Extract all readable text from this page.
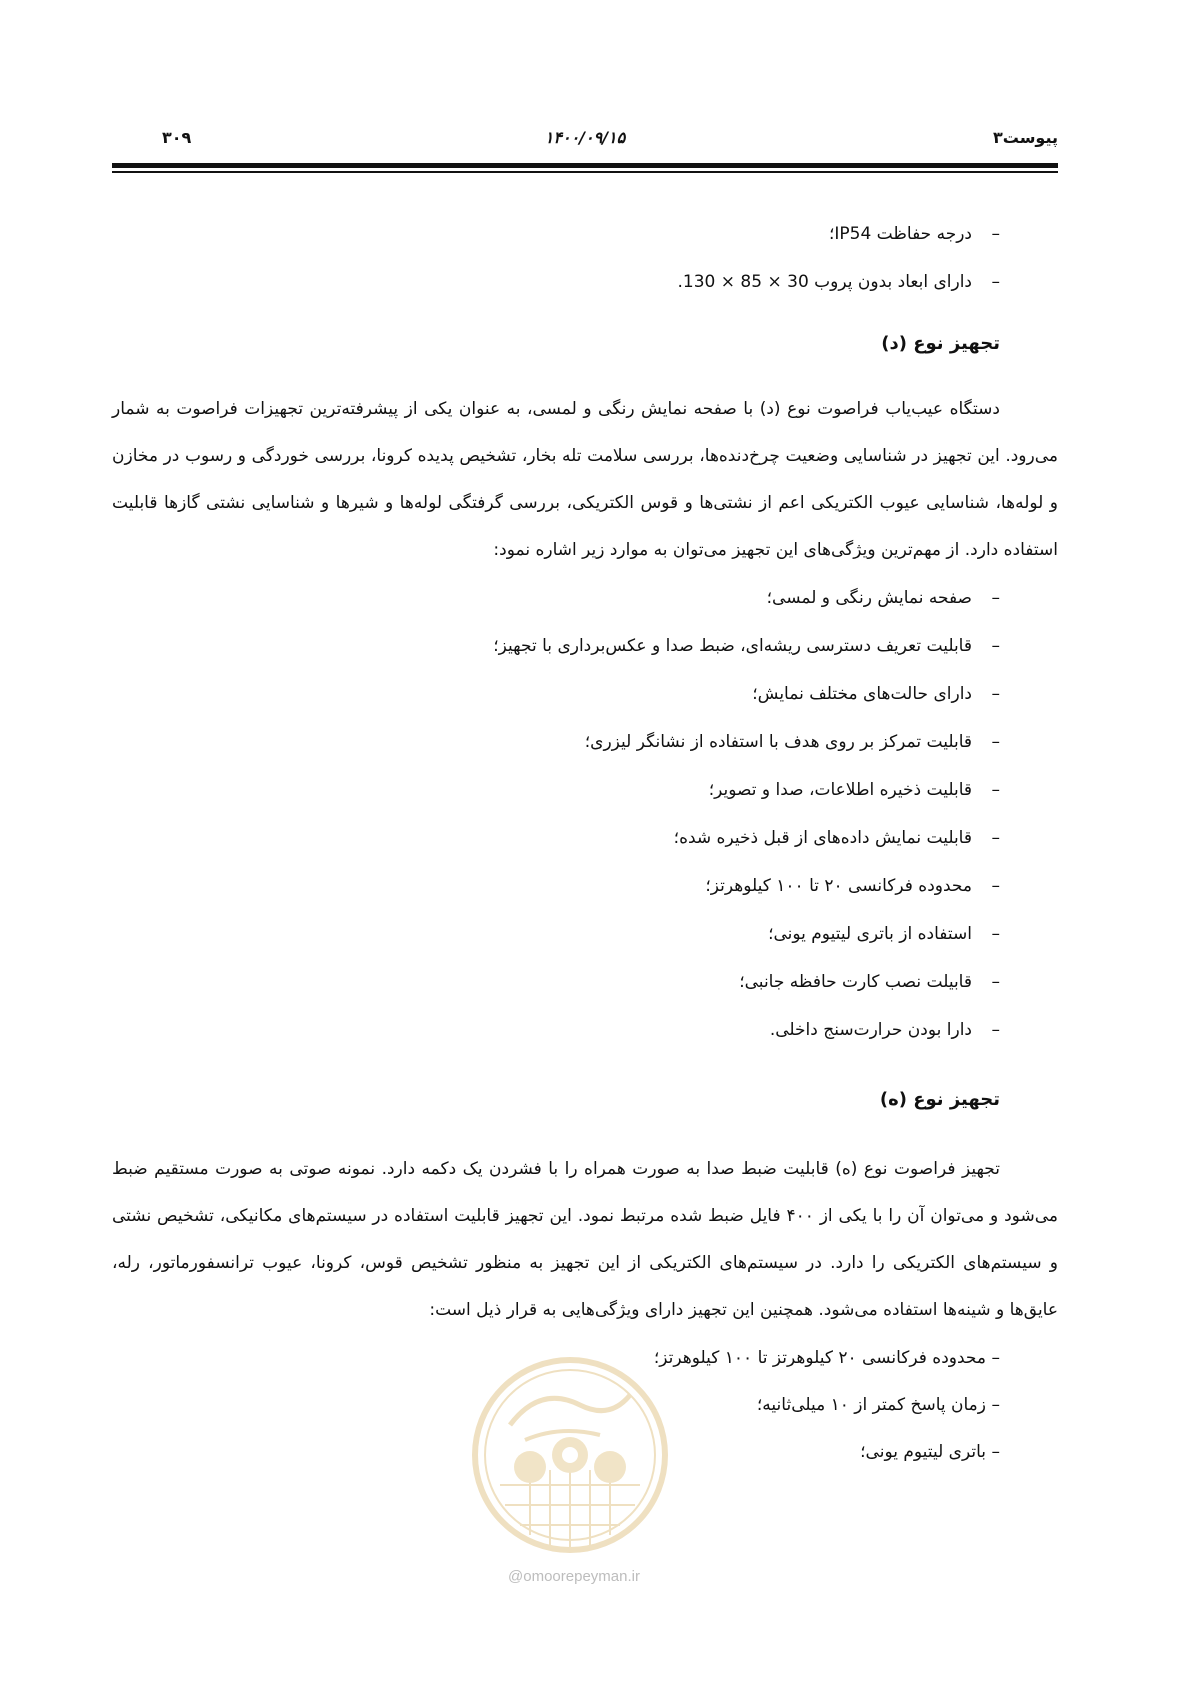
پیوست۳
۱۴۰۰/۰۹/۱۵
۳۰۹
– درجه حفاظت IP54؛
– دارای ابعاد بدون پروب 30 × 85 × 130.
تجهیز نوع (د)

دستگاه عیب‌یاب فراصوت نوع (د) با صفحه نمایش رنگی و لمسی، به عنوان یکی از پیشرفته‌ترین تجهیزات فراصوت به شمار می‌رود. این تجهیز در شناسایی وضعیت چرخ‌دنده‌ها، بررسی سلامت تله بخار، تشخیص پدیده کرونا، بررسی خوردگی و رسوب در مخازن و لوله‌ها، شناسایی عیوب الکتریکی اعم از نشتی‌ها و قوس الکتریکی، بررسی گرفتگی لوله‌ها و شیرها و شناسایی نشتی گازها قابلیت استفاده دارد. از مهم‌ترین ویژگی‌های این تجهیز می‌توان به موارد زیر اشاره نمود:

– صفحه نمایش رنگی و لمسی؛
– قابلیت تعریف دسترسی ریشه‌ای، ضبط صدا و عکس‌برداری با تجهیز؛
– دارای حالت‌های مختلف نمایش؛
– قابلیت تمرکز بر روی هدف با استفاده از نشانگر لیزری؛
– قابلیت ذخیره اطلاعات، صدا و تصویر؛
– قابلیت نمایش داده‌های از قبل ذخیره شده؛
– محدوده فرکانسی ۲۰ تا ۱۰۰ کیلوهرتز؛
– استفاده از باتری لیتیوم یونی؛
– قابیلت نصب کارت حافظه جانبی؛
– دارا بودن حرارت‌سنج داخلی.
تجهیز نوع (ه)

تجهیز فراصوت نوع (ه) قابلیت ضبط صدا به صورت همراه را با فشردن یک دکمه دارد. نمونه صوتی به صورت مستقیم ضبط می‌شود و می‌توان آن را با یکی از ۴۰۰ فایل ضبط شده مرتبط نمود. این تجهیز قابلیت استفاده در سیستم‌های مکانیکی، تشخیص نشتی و سیستم‌های الکتریکی را دارد. در سیستم‌های الکتریکی از این تجهیز به منظور تشخیص قوس، کرونا، عیوب ترانسفورماتور، رله، عایق‌ها و شینه‌ها استفاده می‌شود. همچنین این تجهیز دارای ویژگی‌هایی به قرار ذیل است:

– محدوده فرکانسی ۲۰ کیلوهرتز تا ۱۰۰ کیلوهرتز؛
– زمان پاسخ کمتر از ۱۰ میلی‌ثانیه؛
– باتری لیتیوم یونی؛
@omoorepeyman.ir
